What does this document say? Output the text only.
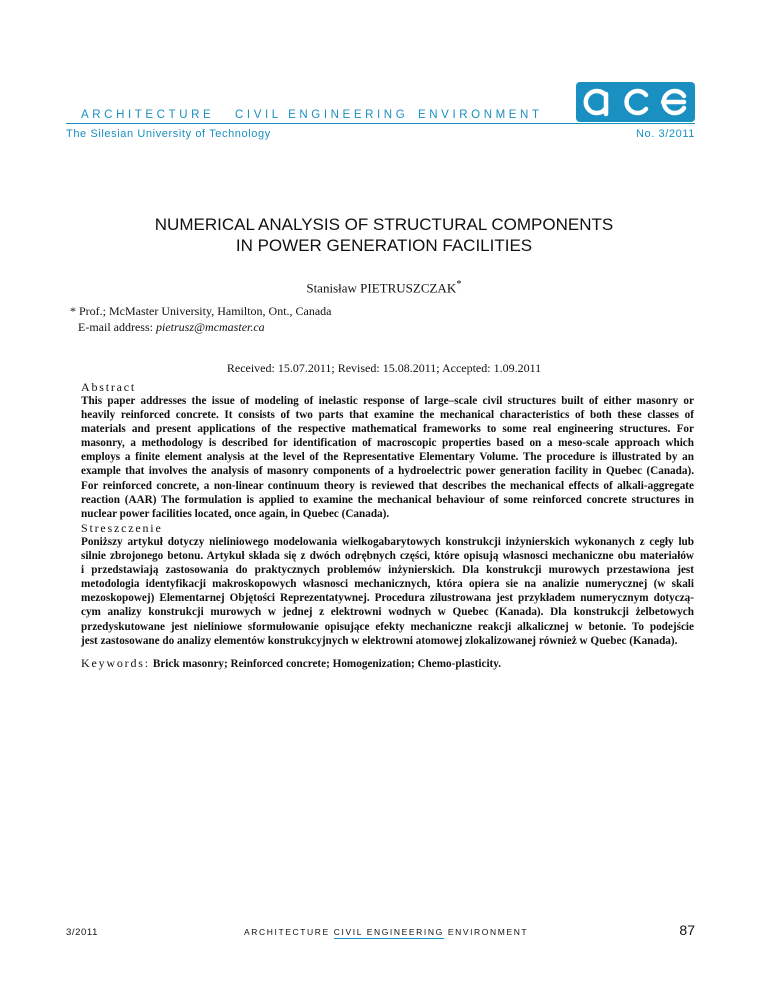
ARCHITECTURE CIVIL ENGINEERING ENVIRONMENT
ace
The Silesian University of Technology	No. 3/2011
NUMERICAL ANALYSIS OF STRUCTURAL COMPONENTS
IN POWER GENERATION FACILITIES
Stanisław PIETRUSZCZAK*
* Prof.; McMaster University, Hamilton, Ont., Canada
E-mail address: pietrusz@mcmaster.ca
Received: 15.07.2011; Revised: 15.08.2011; Accepted: 1.09.2011
Abstract
This paper addresses the issue of modeling of inelastic response of large–scale civil structures built of either masonry or
heavily reinforced concrete. It consists of two parts that examine the mechanical characteristics of both these classes of
materials and present applications of the respective mathematical frameworks to some real engineering structures. For
masonry, a methodology is described for identification of macroscopic properties based on a meso-scale approach which
employs a finite element analysis at the level of the Representative Elementary Volume. The procedure is illustrated by an
example that involves the analysis of masonry components of a hydroelectric power generation facility in Quebec (Canada).
For reinforced concrete, a non-linear continuum theory is reviewed that describes the mechanical effects of alkali-aggregate
reaction (AAR) The formulation is applied to examine the mechanical behaviour of some reinforced concrete structures in
nuclear power facilities located, once again, in Quebec (Canada).
Streszczenie
Poniższy artykuł dotyczy nieliniowego modelowania wielkogabarytowych konstrukcji inżynierskich wykonanych z cegły lub
silnie zbrojonego betonu. Artykuł składa się z dwóch odrębnych części, które opisują własnosci mechaniczne obu materiałów
i przedstawiają zastosowania do praktycznych problemów inżynierskich. Dla konstrukcji murowych przestawiona jest
metodologia identyfikacji makroskopowych własnosci mechanicznych, która opiera sie na analizie numerycznej (w skali
mezoskopowej) Elementarnej Objętości Reprezentatywnej. Procedura zilustrowana jest przykładem numerycznym dotyczą-
cym analizy konstrukcji murowych w jednej z elektrowni wodnych w Quebec (Kanada). Dla konstrukcji żelbetowych
przedyskutowane jest nieliniowe sformułowanie opisujące efekty mechaniczne reakcji alkalicznej w betonie. To podejście
jest zastosowane do analizy elementów konstrukcyjnych w elektrowni atomowej zlokalizowanej również w Quebec (Kanada).
Keywords: Brick masonry; Reinforced concrete; Homogenization; Chemo-plasticity.
3/2011	ARCHITECTURE CIVIL ENGINEERING ENVIRONMENT	87
